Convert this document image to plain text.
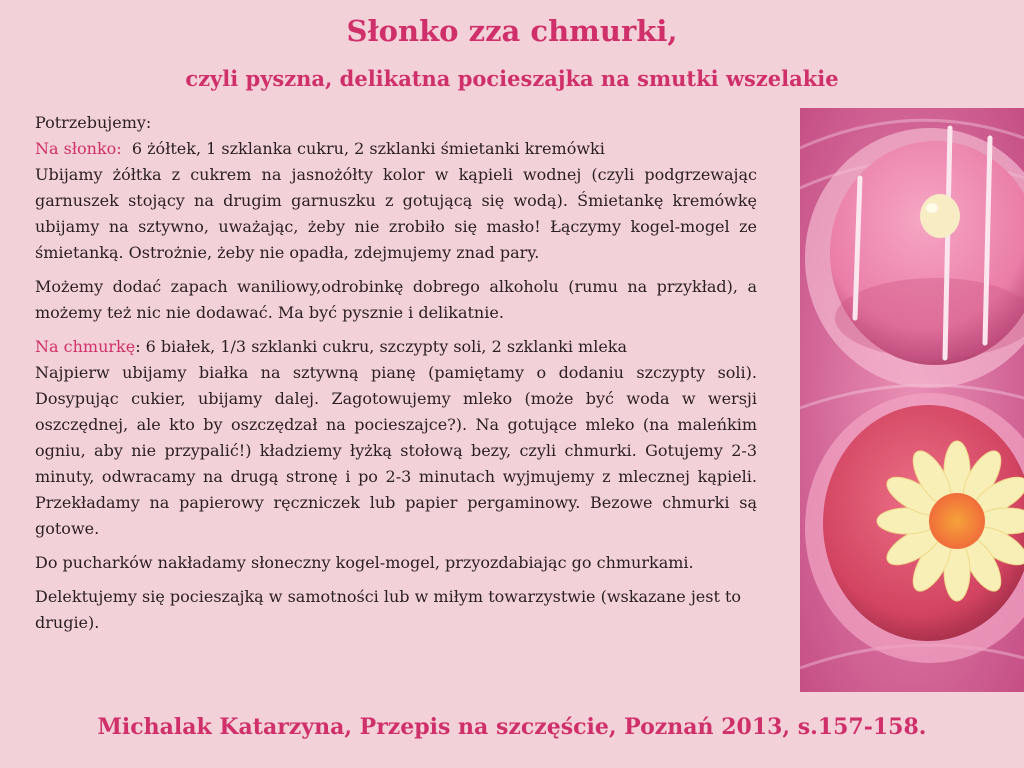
Słonko zza chmurki,
czyli pyszna, delikatna pocieszajka na smutki wszelakie

Potrzebujemy:

Na słonko: 6 żółtek, 1 szklanka cukru, 2 szklanki śmietanki kremówki

Ubijamy żółtka z cukrem na jasnożółty kolor w kąpieli wodnej (czyli podgrzewając garnuszek stojący na drugim garnuszku z gotującą się wodą). Śmietankę kremówkę ubijamy na sztywno, uważając, żeby nie zrobiło się masło! Łączymy kogel-mogel ze śmietanką. Ostrożnie, żeby nie opadła, zdejmujemy znad pary.

Możemy dodać zapach waniliowy,odrobinkę dobrego alkoholu (rumu na przykład), a możemy też nic nie dodawać. Ma być pysznie i delikatnie.

Na chmurkę: 6 białek, 1/3 szklanki cukru, szczypty soli, 2 szklanki mleka

Najpierw ubijamy białka na sztywną pianę (pamiętamy o dodaniu szczypty soli). Dosypując cukier, ubijamy dalej. Zagotowujemy mleko (może być woda w wersji oszczędnej, ale kto by oszczędzał na pocieszajce?). Na gotujące mleko (na maleńkim ogniu, aby nie przypalić!) kładziemy łyżką stołową bezy, czyli chmurki. Gotujemy 2-3 minuty, odwracamy na drugą stronę i po 2-3 minutach wyjmujemy z mlecznej kąpieli. Przekładamy na papierowy ręczniczek lub papier pergaminowy. Bezowe chmurki są gotowe.

Do pucharków nakładamy słoneczny kogel-mogel, przyozdabiając go chmurkami.

Delektujemy się pocieszajką w samotności lub w miłym towarzystwie (wskazane jest to drugie).

Michalak Katarzyna, Przepis na szczęście, Poznań 2013, s.157-158.
